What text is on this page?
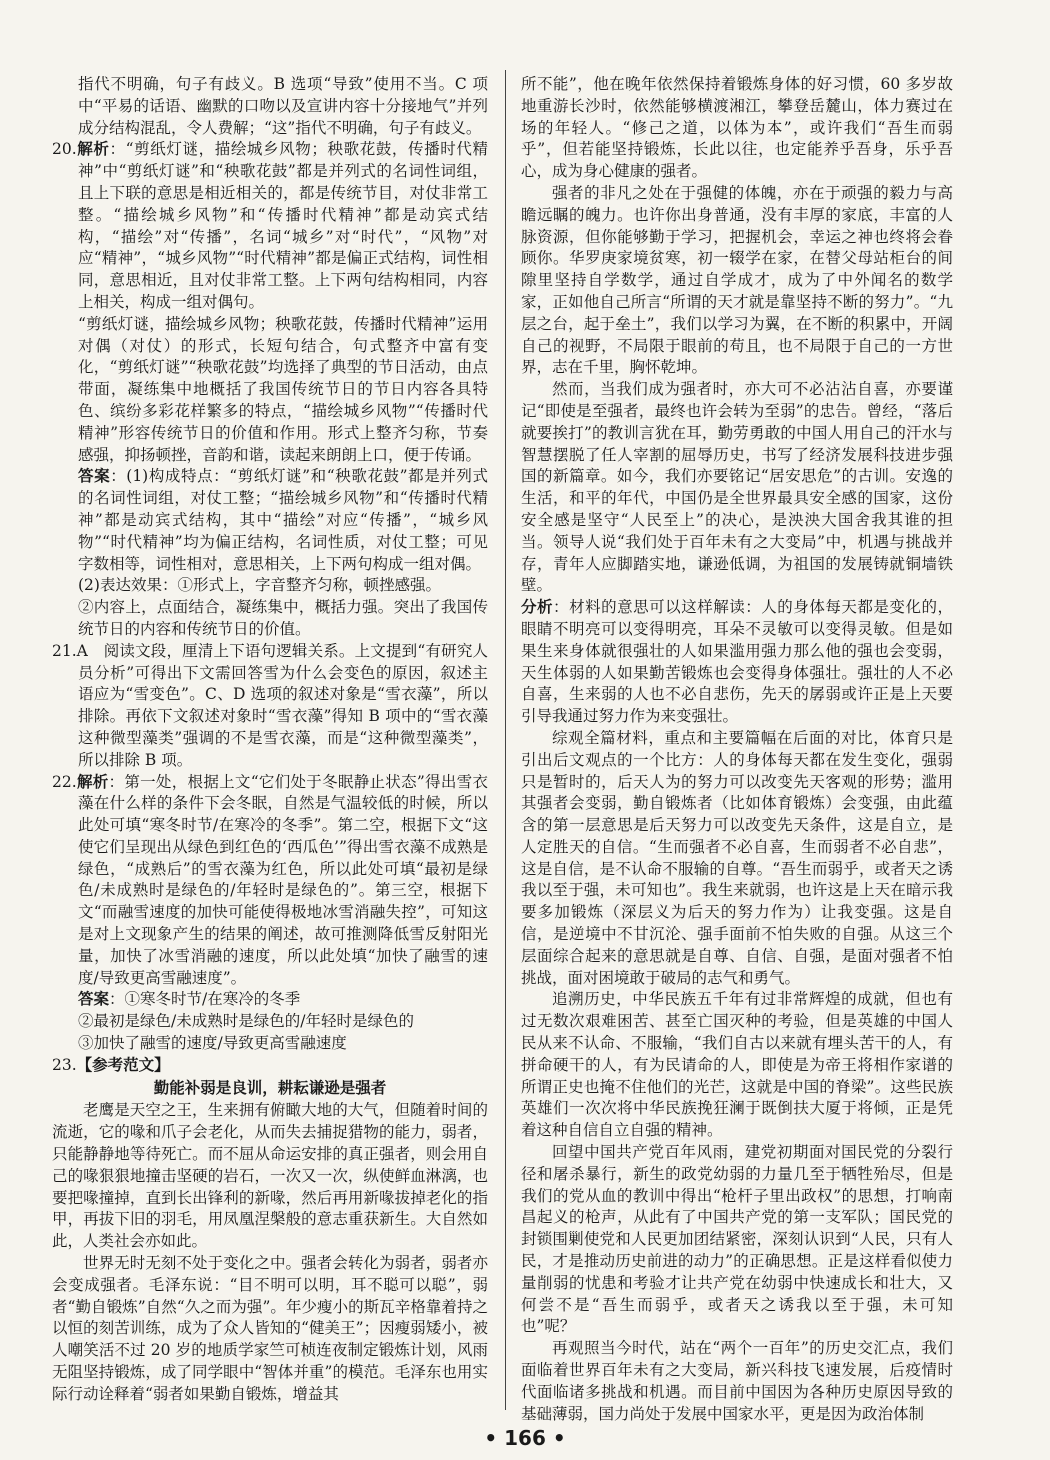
指代不明确，句子有歧义。B 选项“导致”使用不当。C 项中“平易的话语、幽默的口吻以及宣讲内容十分接地气”并列成分结构混乱，令人费解；“这”指代不明确，句子有歧义。

20.解析：“剪纸灯谜，描绘城乡风物；秧歌花鼓，传播时代精神”中“剪纸灯谜”和“秧歌花鼓”都是并列式的名词性词组，且上下联的意思是相近相关的，都是传统节目，对仗非常工整。“描绘城乡风物”和“传播时代精神”都是动宾式结构，“描绘”对“传播”，名词“城乡”对“时代”，“风物”对应“精神”，“城乡风物”“时代精神”都是偏正式结构，词性相同，意思相近，且对仗非常工整。上下两句结构相同，内容上相关，构成一组对偶句。

“剪纸灯谜，描绘城乡风物；秧歌花鼓，传播时代精神”运用对偶（对仗）的形式，长短句结合，句式整齐中富有变化，“剪纸灯谜”“秧歌花鼓”均选择了典型的节日活动，由点带面，凝练集中地概括了我国传统节日的节日内容各具特色、缤纷多彩花样繁多的特点，“描绘城乡风物”“传播时代精神”形容传统节日的价值和作用。形式上整齐匀称，节奏感强，抑扬顿挫，音韵和谐，读起来朗朗上口，便于传诵。

答案：(1)构成特点：“剪纸灯谜”和“秧歌花鼓”都是并列式的名词性词组，对仗工整；“描绘城乡风物”和“传播时代精神”都是动宾式结构，其中“描绘”对应“传播”，“城乡风物”“时代精神”均为偏正结构，名词性质，对仗工整；可见字数相等，词性相对，意思相关，上下两句构成一组对偶。

(2)表达效果：①形式上，字音整齐匀称，顿挫感强。

②内容上，点面结合，凝练集中，概括力强。突出了我国传统节日的内容和传统节日的价值。

21.A　阅读文段，厘清上下语句逻辑关系。上文提到“有研究人员分析”可得出下文需回答雪为什么会变色的原因，叙述主语应为“雪变色”。C、D 选项的叙述对象是“雪衣藻”，所以排除。再依下文叙述对象时“雪衣藻”得知 B 项中的“雪衣藻这种微型藻类”强调的不是雪衣藻，而是“这种微型藻类”，所以排除 B 项。

22.解析：第一处，根据上文“它们处于冬眠静止状态”得出雪衣藻在什么样的条件下会冬眠，自然是气温较低的时候，所以此处可填“寒冬时节/在寒冷的冬季”。第二空，根据下文“这使它们呈现出从绿色到红色的‘西瓜色’”得出雪衣藻不成熟是绿色，“成熟后”的雪衣藻为红色，所以此处可填“最初是绿色/未成熟时是绿色的/年轻时是绿色的”。第三空，根据下文“而融雪速度的加快可能使得极地冰雪消融失控”，可知这是对上文现象产生的结果的阐述，故可推测降低雪反射阳光量，加快了冰雪消融的速度，所以此处填“加快了融雪的速度/导致更高雪融速度”。

答案：①寒冬时节/在寒冷的冬季

②最初是绿色/未成熟时是绿色的/年轻时是绿色的

③加快了融雪的速度/导致更高雪融速度

23.【参考范文】

勤能补弱是良训，耕耘谦逊是强者

老鹰是天空之王，生来拥有俯瞰大地的大气，但随着时间的流逝，它的喙和爪子会老化，从而失去捕捉猎物的能力，弱者，只能静静地等待死亡。而不屈从命运安排的真正强者，则会用自己的喙狠狠地撞击坚硬的岩石，一次又一次，纵使鲜血淋漓，也要把喙撞掉，直到长出锋利的新喙，然后再用新喙拔掉老化的指甲，再拔下旧的羽毛，用凤凰涅槃般的意志重获新生。大自然如此，人类社会亦如此。

世界无时无刻不处于变化之中。强者会转化为弱者，弱者亦会变成强者。毛泽东说：“目不明可以明，耳不聪可以聪”，弱者“勤自锻炼”自然“久之而为强”。年少瘦小的斯瓦辛格靠着持之以恒的刻苦训练，成为了众人皆知的“健美王”；因瘦弱矮小，被人嘲笑活不过 20 岁的地质学家竺可桢连夜制定锻炼计划，风雨无阻坚持锻炼，成了同学眼中“智体并重”的模范。毛泽东也用实际行动诠释着“弱者如果勤自锻炼，增益其

所不能”，他在晚年依然保持着锻炼身体的好习惯，60 多岁故地重游长沙时，依然能够横渡湘江，攀登岳麓山，体力赛过在场的年轻人。“修己之道，以体为本”，或许我们“吾生而弱乎”，但若能坚持锻炼，长此以往，也定能养乎吾身，乐乎吾心，成为身心健康的强者。

强者的非凡之处在于强健的体魄，亦在于顽强的毅力与高瞻远瞩的魄力。也许你出身普通，没有丰厚的家底，丰富的人脉资源，但你能够勤于学习，把握机会，幸运之神也终将会眷顾你。华罗庚家境贫寒，初一辍学在家，在替父母站柜台的间隙里坚持自学数学，通过自学成才，成为了中外闻名的数学家，正如他自己所言“所谓的天才就是靠坚持不断的努力”。“九层之台，起于垒土”，我们以学习为翼，在不断的积累中，开阔自己的视野，不局限于眼前的苟且，也不局限于自己的一方世界，志在千里，胸怀乾坤。

然而，当我们成为强者时，亦大可不必沾沾自喜，亦要谨记“即使是至强者，最终也许会转为至弱”的忠告。曾经，“落后就要挨打”的教训言犹在耳，勤劳勇敢的中国人用自己的汗水与智慧摆脱了任人宰割的屈辱历史，书写了经济发展科技进步强国的新篇章。如今，我们亦要铭记“居安思危”的古训。安逸的生活，和平的年代，中国仍是全世界最具安全感的国家，这份安全感是坚守“人民至上”的决心，是泱泱大国舍我其谁的担当。领导人说“我们处于百年未有之大变局”中，机遇与挑战并存，青年人应脚踏实地，谦逊低调，为祖国的发展铸就铜墙铁壁。

分析：材料的意思可以这样解读：人的身体每天都是变化的，眼睛不明亮可以变得明亮，耳朵不灵敏可以变得灵敏。但是如果生来身体就很强壮的人如果滥用强力那么他的强也会变弱，天生体弱的人如果勤苦锻炼也会变得身体强壮。强壮的人不必自喜，生来弱的人也不必自悲伤，先天的孱弱或许正是上天要引导我通过努力作为来变强壮。

综观全篇材料，重点和主要篇幅在后面的对比，体育只是引出后文观点的一个比方：人的身体每天都在发生变化，强弱只是暂时的，后天人为的努力可以改变先天客观的形势；滥用其强者会变弱，勤自锻炼者（比如体育锻炼）会变强，由此蕴含的第一层意思是后天努力可以改变先天条件，这是自立，是人定胜天的自信。“生而强者不必自喜，生而弱者不必自悲”，这是自信，是不认命不服输的自尊。“吾生而弱乎，或者天之诱我以至于强，未可知也”。我生来就弱，也许这是上天在暗示我要多加锻炼（深层义为后天的努力作为）让我变强。这是自信，是逆境中不甘沉沦、强手面前不怕失败的自强。从这三个层面综合起来的意思就是自尊、自信、自强，是面对强者不怕挑战，面对困境敢于破局的志气和勇气。

追溯历史，中华民族五千年有过非常辉煌的成就，但也有过无数次艰难困苦、甚至亡国灭种的考验，但是英雄的中国人民从来不认命、不服输，“我们自古以来就有埋头苦干的人，有拼命硬干的人，有为民请命的人，即使是为帝王将相作家谱的所谓正史也掩不住他们的光芒，这就是中国的脊梁”。这些民族英雄们一次次将中华民族挽狂澜于既倒扶大厦于将倾，正是凭着这种自信自立自强的精神。

回望中国共产党百年风雨，建党初期面对国民党的分裂行径和屠杀暴行，新生的政党幼弱的力量几至于牺牲殆尽，但是我们的党从血的教训中得出“枪杆子里出政权”的思想，打响南昌起义的枪声，从此有了中国共产党的第一支军队；国民党的封锁围剿使党和人民更加团结紧密，深刻认识到“人民，只有人民，才是推动历史前进的动力”的正确思想。正是这样看似使力量削弱的忧患和考验才让共产党在幼弱中快速成长和壮大，又何尝不是“吾生而弱乎，或者天之诱我以至于强，未可知也”呢？

再观照当今时代，站在“两个一百年”的历史交汇点，我们面临着世界百年未有之大变局，新兴科技飞速发展，后疫情时代面临诸多挑战和机遇。而目前中国因为各种历史原因导致的基础薄弱，国力尚处于发展中国家水平，更是因为政治体制

• 166 •
